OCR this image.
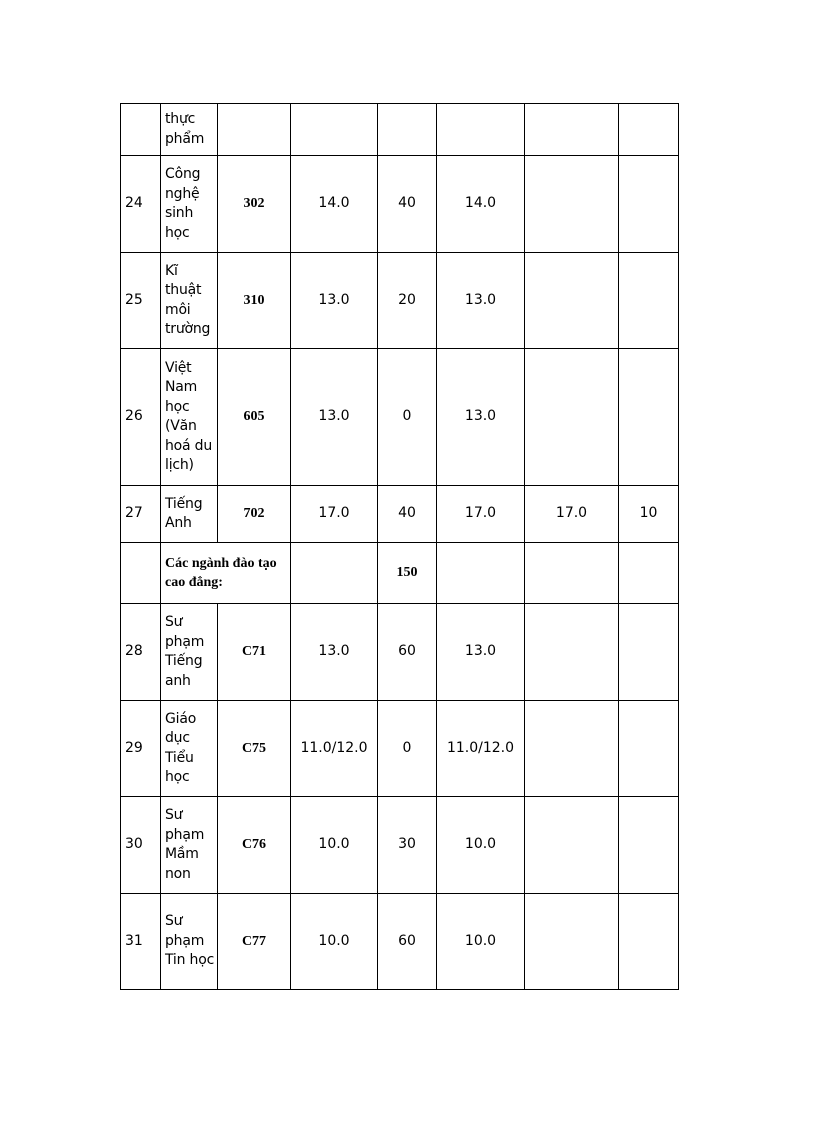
	thực phẩm						

24	Công nghệ sinh học	302	14.0	40	14.0		
25	Kĩ thuật môi trường	310	13.0	20	13.0		
26	Việt Nam học (Văn hoá du lịch)	605	13.0	0	13.0		
27	Tiếng Anh	702	17.0	40	17.0	17.0	10
	Các ngành đào tạo cao đẳng:			150			
28	Sư phạm Tiếng anh	C71	13.0	60	13.0		
29	Giáo dục Tiểu học	C75	11.0/12.0	0	11.0/12.0		
30	Sư phạm Mầm non	C76	10.0	30	10.0		
31	Sư phạm Tin học	C77	10.0	60	10.0		
